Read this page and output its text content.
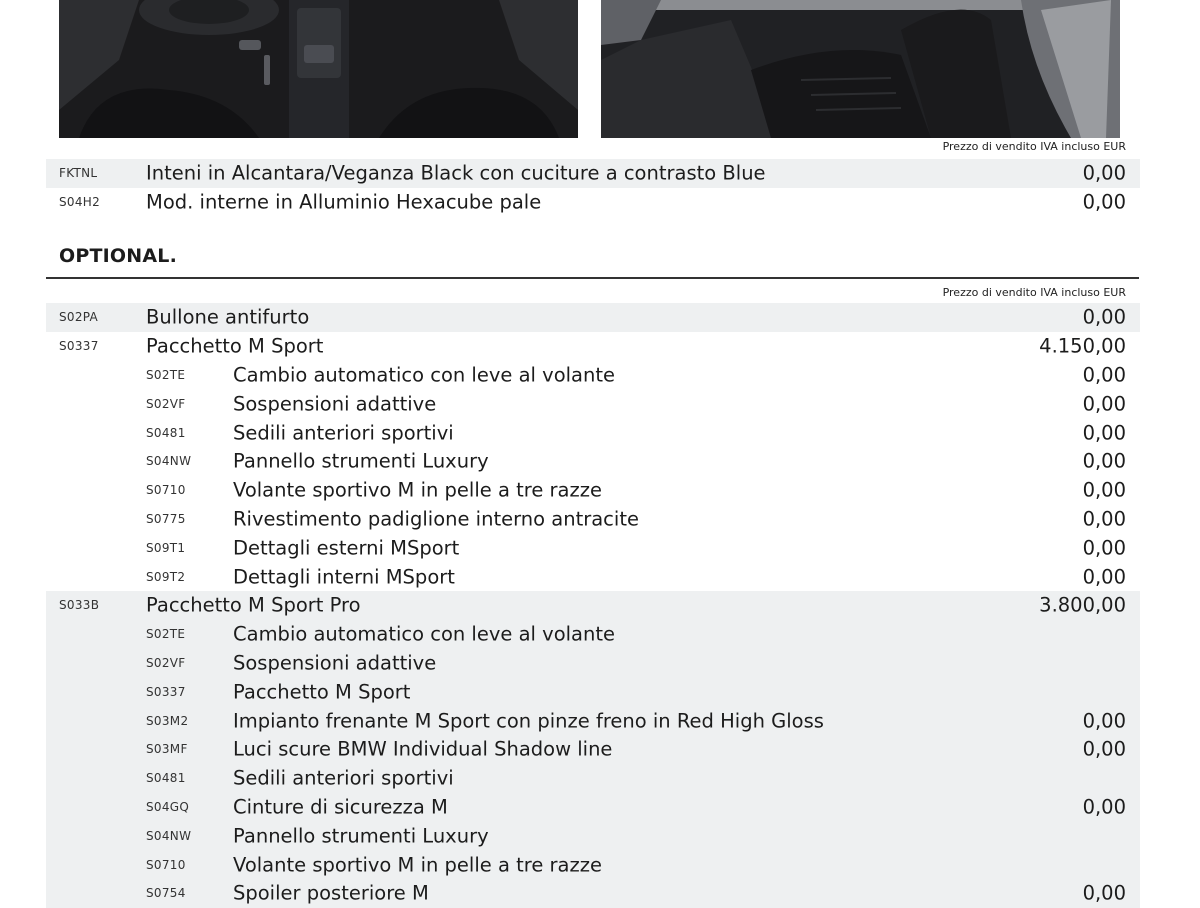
Prezzo di vendito IVA incluso EUR
FKTNL Inteni in Alcantara/Veganza Black con cuciture a contrasto Blue	0,00
S04H2 Mod. interne in Alluminio Hexacube pale	0,00
OPTIONAL.
Prezzo di vendito IVA incluso EUR
S02PA Bullone antifurto	0,00
S0337 Pacchetto M Sport	4.150,00
S02TE Cambio automatico con leve al volante	0,00
S02VF Sospensioni adattive	0,00
S0481 Sedili anteriori sportivi	0,00
S04NW Pannello strumenti Luxury	0,00
S0710 Volante sportivo M in pelle a tre razze	0,00
S0775 Rivestimento padiglione interno antracite	0,00
S09T1 Dettagli esterni MSport	0,00
S09T2 Dettagli interni MSport	0,00
S033B Pacchetto M Sport Pro	3.800,00
S02TE Cambio automatico con leve al volante
S02VF Sospensioni adattive
S0337 Pacchetto M Sport
S03M2 Impianto frenante M Sport con pinze freno in Red High Gloss	0,00
S03MF Luci scure BMW Individual Shadow line	0,00
S0481 Sedili anteriori sportivi
S04GQ Cinture di sicurezza M	0,00
S04NW Pannello strumenti Luxury
S0710 Volante sportivo M in pelle a tre razze
S0754 Spoiler posteriore M	0,00
